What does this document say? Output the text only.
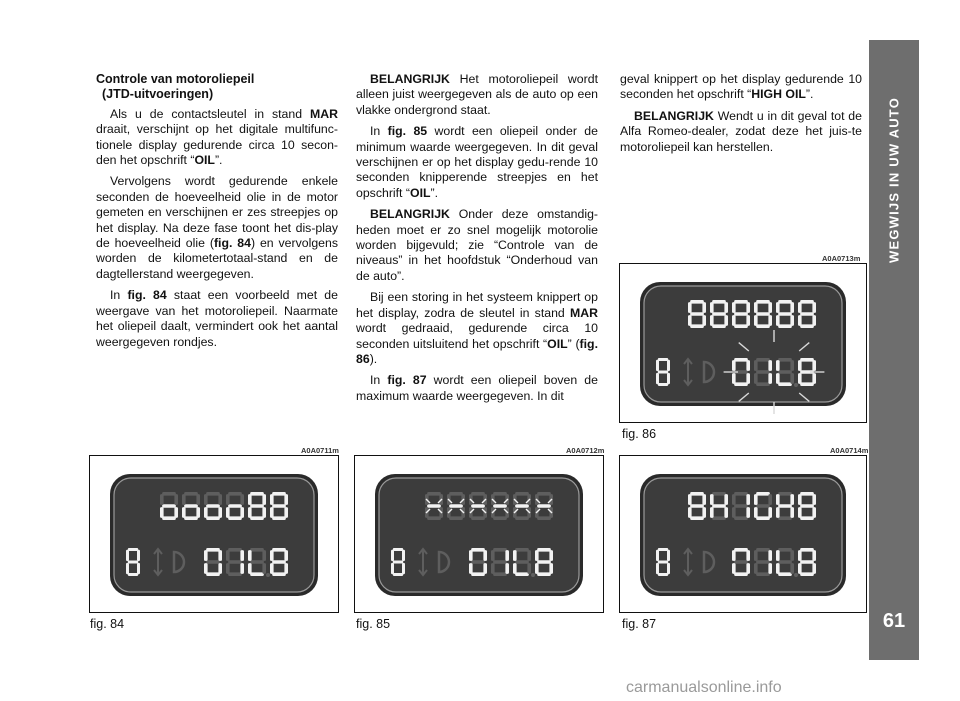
Controle van motoroliepeil
(JTD-uitvoeringen)

Als u de contactsleutel in stand MAR draait, verschijnt op het digitale multifunc-tionele display gedurende circa 10 secon-den het opschrift “OIL”.

Vervolgens wordt gedurende enkele seconden de hoeveelheid olie in de motor gemeten en verschijnen er zes streepjes op het display. Na deze fase toont het dis-play de hoeveelheid olie (fig. 84) en vervolgens worden de kilometertotaal-stand en de dagtellerstand weergegeven.

In fig. 84 staat een voorbeeld met de weergave van het motoroliepeil. Naarmate het oliepeil daalt, vermindert ook het aantal weergegeven rondjes.

BELANGRIJK Het motoroliepeil wordt alleen juist weergegeven als de auto op een vlakke ondergrond staat.

In fig. 85 wordt een oliepeil onder de minimum waarde weergegeven. In dit geval verschijnen er op het display gedu-rende 10 seconden knipperende streepjes en het opschrift “OIL”.

BELANGRIJK Onder deze omstandig-heden moet er zo snel mogelijk motorolie worden bijgevuld; zie “Controle van de niveaus” in het hoofdstuk “Onderhoud van de auto”.

Bij een storing in het systeem knippert op het display, zodra de sleutel in stand MAR wordt gedraaid, gedurende circa 10 seconden uitsluitend het opschrift “OIL” (fig. 86).

In fig. 87 wordt een oliepeil boven de maximum waarde weergegeven. In dit

geval knippert op het display gedurende 10 seconden het opschrift “HIGH OIL”.

BELANGRIJK Wendt u in dit geval tot de Alfa Romeo-dealer, zodat deze het juis-te motoroliepeil kan herstellen.	WEGWIJS IN UW AUTO
61
A0A0713m
fig. 86
A0A0711m
fig. 84
A0A0712m
fig. 85
A0A0714m
fig. 87
carmanualsonline.info
